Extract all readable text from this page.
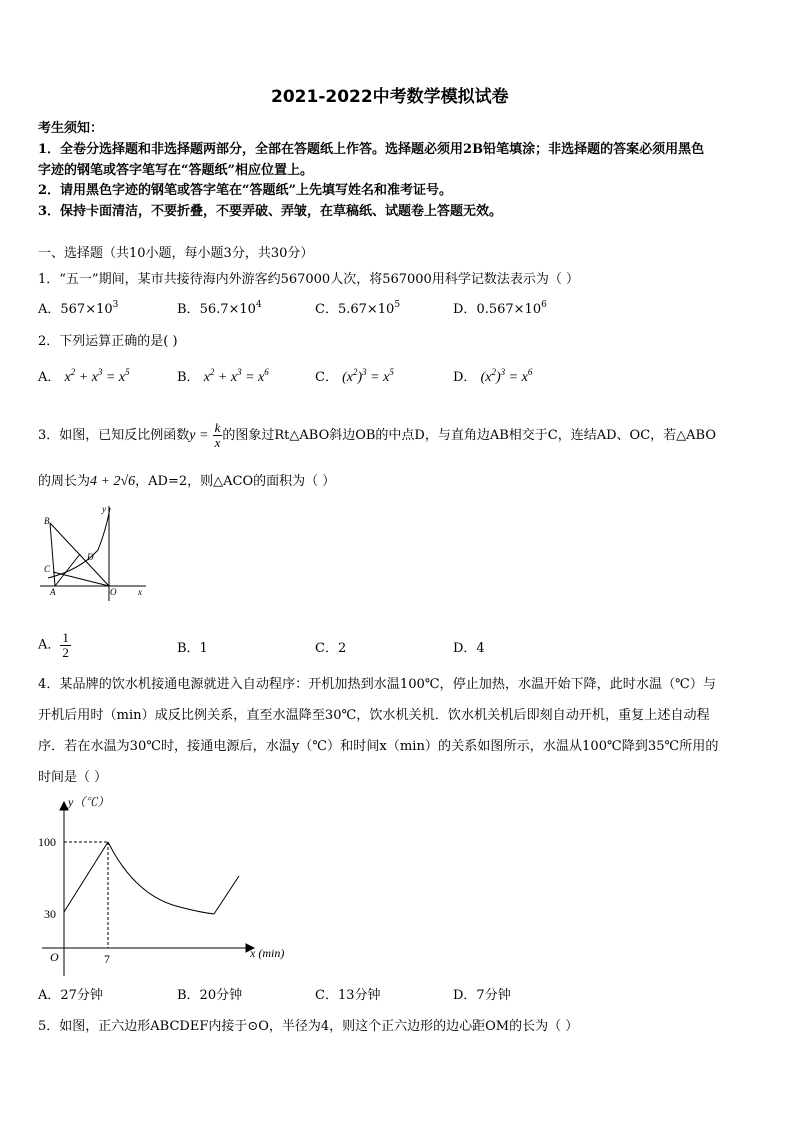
2021-2022中考数学模拟试卷
考生须知：
1．全卷分选择题和非选择题两部分，全部在答题纸上作答。选择题必须用2B铅笔填涂；非选择题的答案必须用黑色
字迹的钢笔或答字笔写在“答题纸”相应位置上。
2．请用黑色字迹的钢笔或答字笔在“答题纸”上先填写姓名和准考证号。
3．保持卡面清洁，不要折叠，不要弄破、弄皱，在草稿纸、试题卷上答题无效。
一、选择题（共10小题，每小题3分，共30分）
1．“五一”期间，某市共接待海内外游客约567000人次，将567000用科学记数法表示为（ ）
A．$567\times 10^3$	B．$56.7\times 10^4$	C．$5.67\times 10^5$	D．$0.567\times 10^6$
2．下列运算正确的是( )
A． $x^2 + x^3 = x^5$	B． $x^2 + x^3 = x^6$	C． $(x^2)^3 = x^5$	D． $(x^2)^3 = x^6$
3．如图，已知反比例函数$y = \frac{k}{x}$ 的图象过Rt△ABO斜边OB的中点D，与直角边AB相交于C，连结AD、OC，若△ABO
的周长为4 + 2√6，AD=2，则△ACO的面积为（ ）
B
y
D
C
A	O x
A． $\frac{1}{2}$	B．1	C．2	D．4
4．某品牌的饮水机接通电源就进入自动程序：开机加热到水温100℃，停止加热，水温开始下降，此时水温（℃）与
开机后用时（min）成反比例关系，直至水温降至30℃，饮水机关机．饮水机关机后即刻自动开机，重复上述自动程
序．若在水温为30℃时，接通电源后，水温y（℃）和时间x（min）的关系如图所示，水温从100℃降到35℃所用的
时间是（ ）
y（℃）
x (min)
O
100
30
7
A．27分钟	B．20分钟	C．13分钟	D．7分钟
5．如图，正六边形ABCDEF内接于⊙O，半径为4，则这个正六边形的边心距OM的长为（ ）
